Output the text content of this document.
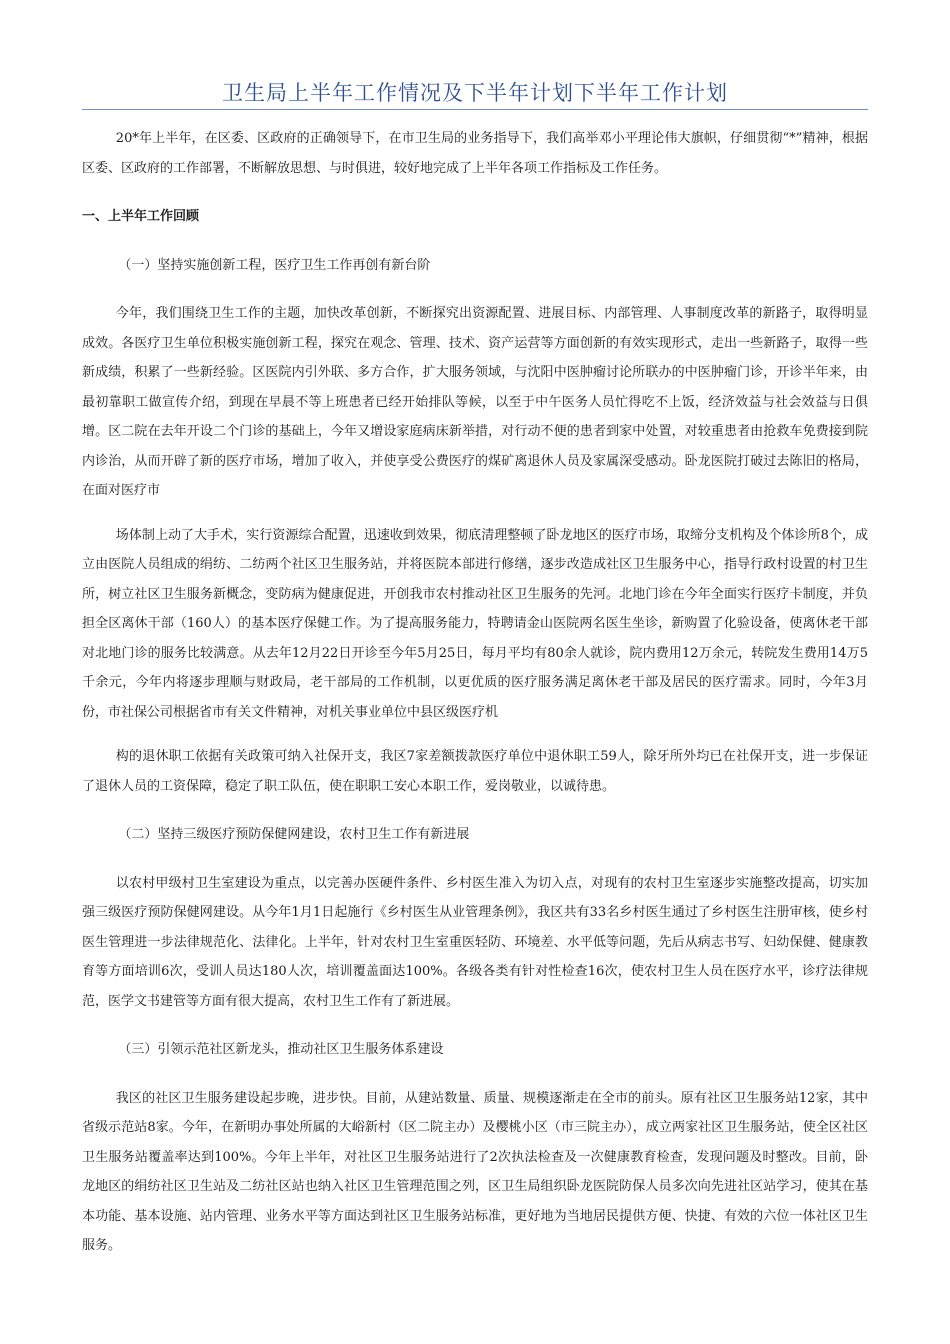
卫生局上半年工作情况及下半年计划下半年工作计划

20*年上半年，在区委、区政府的正确领导下，在市卫生局的业务指导下，我们高举邓小平理论伟大旗帜，仔细贯彻“*”精神，根据区委、区政府的工作部署，不断解放思想、与时俱进，较好地完成了上半年各项工作指标及工作任务。

一、上半年工作回顾

（一）坚持实施创新工程，医疗卫生工作再创有新台阶

今年，我们围绕卫生工作的主题，加快改革创新，不断探究出资源配置、进展目标、内部管理、人事制度改革的新路子，取得明显成效。各医疗卫生单位积极实施创新工程，探究在观念、管理、技术、资产运营等方面创新的有效实现形式，走出一些新路子，取得一些新成绩，积累了一些新经验。区医院内引外联、多方合作，扩大服务领域，与沈阳中医肿瘤讨论所联办的中医肿瘤门诊，开诊半年来，由最初靠职工做宣传介绍，到现在早晨不等上班患者已经开始排队等候，以至于中午医务人员忙得吃不上饭，经济效益与社会效益与日俱增。区二院在去年开设二个门诊的基础上，今年又增设家庭病床新举措，对行动不便的患者到家中处置，对较重患者由抢救车免费接到院内诊治，从而开辟了新的医疗市场，增加了收入，并使享受公费医疗的煤矿离退休人员及家属深受感动。卧龙医院打破过去陈旧的格局，在面对医疗市

场体制上动了大手术，实行资源综合配置，迅速收到效果，彻底清理整顿了卧龙地区的医疗市场，取缔分支机构及个体诊所8个，成立由医院人员组成的绢纺、二纺两个社区卫生服务站，并将医院本部进行修缮，逐步改造成社区卫生服务中心，指导行政村设置的村卫生所，树立社区卫生服务新概念，变防病为健康促进，开创我市农村推动社区卫生服务的先河。北地门诊在今年全面实行医疗卡制度，并负担全区离休干部（160人）的基本医疗保健工作。为了提高服务能力，特聘请金山医院两名医生坐诊，新购置了化验设备，使离休老干部对北地门诊的服务比较满意。从去年12月22日开诊至今年5月25日，每月平均有80余人就诊，院内费用12万余元，转院发生费用14万5千余元，今年内将逐步理顺与财政局，老干部局的工作机制，以更优质的医疗服务满足离休老干部及居民的医疗需求。同时，今年3月份，市社保公司根据省市有关文件精神，对机关事业单位中县区级医疗机

构的退休职工依据有关政策可纳入社保开支，我区7家差额拨款医疗单位中退休职工59人，除牙所外均已在社保开支，进一步保证了退休人员的工资保障，稳定了职工队伍，使在职职工安心本职工作，爱岗敬业，以诚待患。

（二）坚持三级医疗预防保健网建设，农村卫生工作有新进展

以农村甲级村卫生室建设为重点，以完善办医硬件条件、乡村医生准入为切入点，对现有的农村卫生室逐步实施整改提高，切实加强三级医疗预防保健网建设。从今年1月1日起施行《乡村医生从业管理条例》，我区共有33名乡村医生通过了乡村医生注册审核，使乡村医生管理进一步法律规范化、法律化。上半年，针对农村卫生室重医轻防、环境差、水平低等问题，先后从病志书写、妇幼保健、健康教育等方面培训6次，受训人员达180人次，培训覆盖面达100%。各级各类有针对性检查16次，使农村卫生人员在医疗水平，诊疗法律规范，医学文书建管等方面有很大提高，农村卫生工作有了新进展。

（三）引领示范社区新龙头，推动社区卫生服务体系建设

我区的社区卫生服务建设起步晚，进步快。目前，从建站数量、质量、规模逐渐走在全市的前头。原有社区卫生服务站12家，其中省级示范站8家。今年，在新明办事处所属的大峪新村（区二院主办）及樱桃小区（市三院主办），成立两家社区卫生服务站，使全区社区卫生服务站覆盖率达到100%。今年上半年，对社区卫生服务站进行了2次执法检查及一次健康教育检查，发现问题及时整改。目前，卧龙地区的绢纺社区卫生站及二纺社区站也纳入社区卫生管理范围之列，区卫生局组织卧龙医院防保人员多次向先进社区站学习，使其在基本功能、基本设施、站内管理、业务水平等方面达到社区卫生服务站标准，更好地为当地居民提供方便、快捷、有效的六位一体社区卫生服务。
